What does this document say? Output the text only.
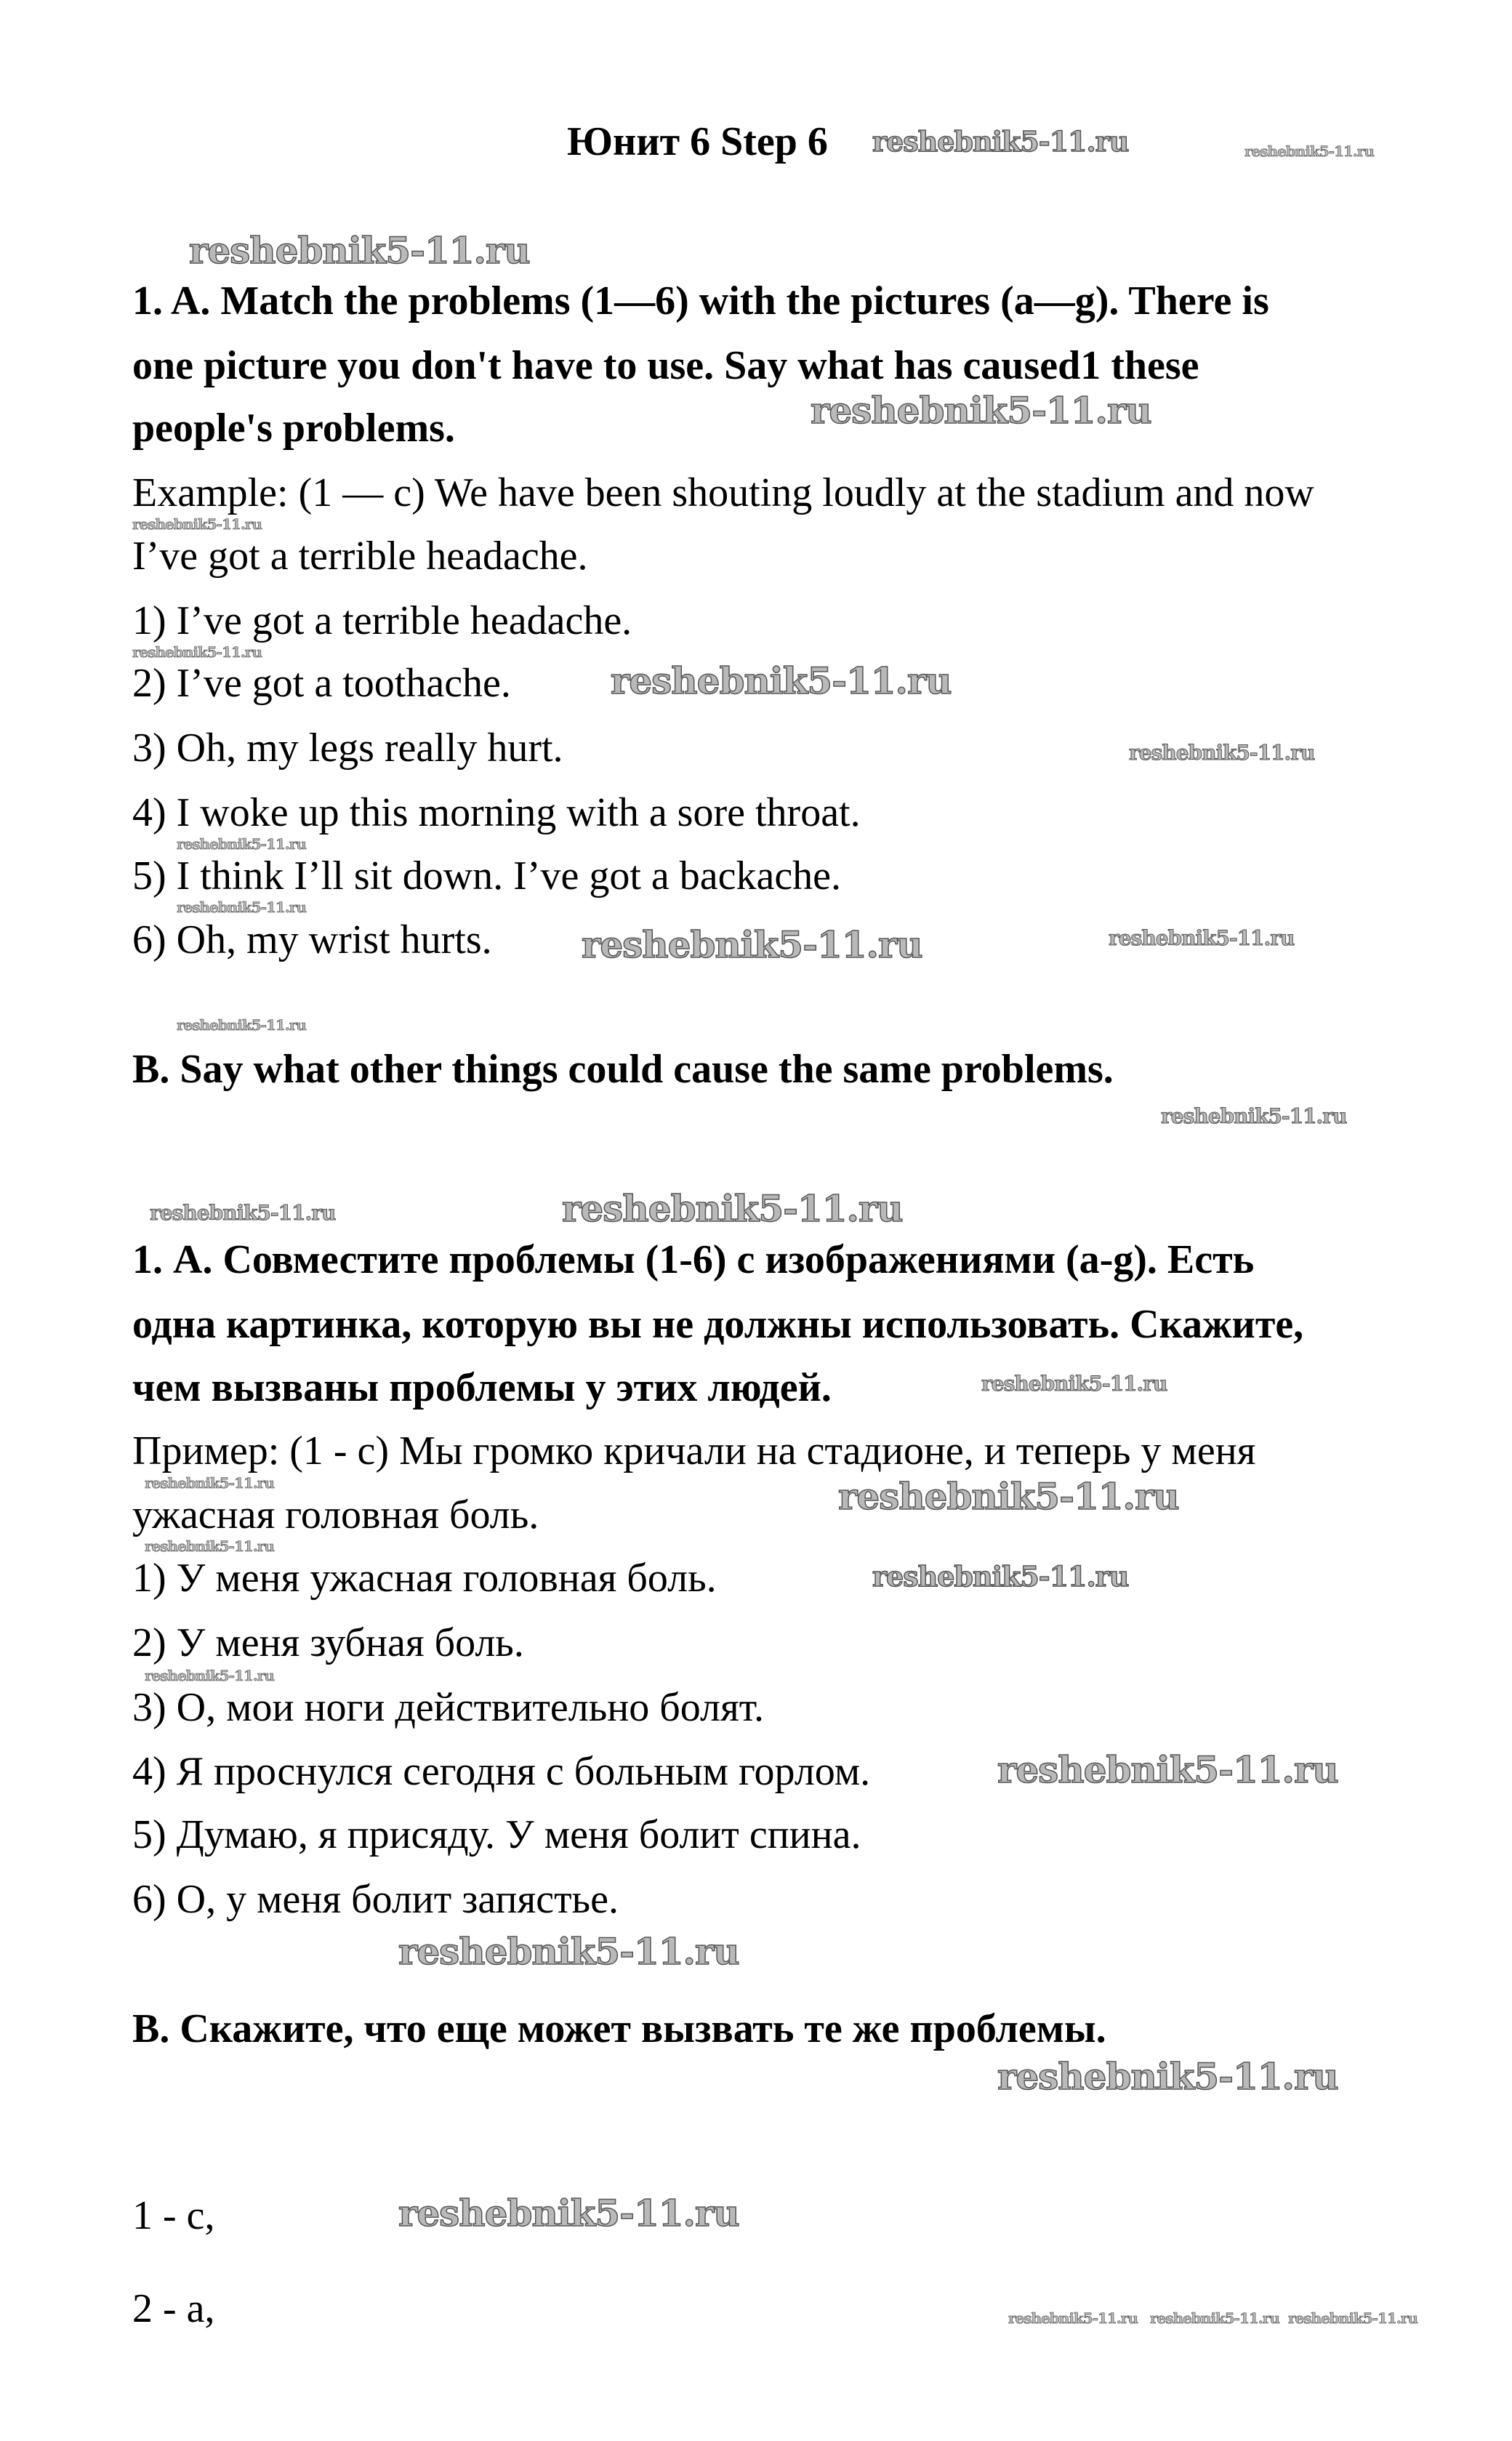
Юнит 6 Step 6
1. A. Match the problems (1—6) with the pictures (a—g). There is
one picture you don't have to use. Say what has caused1 these
people's problems.
Example: (1 — c) We have been shouting loudly at the stadium and now
I’ve got a terrible headache.
1) I’ve got a terrible headache.
2) I’ve got a toothache.
3) Oh, my legs really hurt.
4) I woke up this morning with a sore throat.
5) I think I’ll sit down. I’ve got a backache.
6) Oh, my wrist hurts.
B. Say what other things could cause the same problems.
1. А. Совместите проблемы (1-6) с изображениями (a-g). Есть
одна картинка, которую вы не должны использовать. Скажите,
чем вызваны проблемы у этих людей.
Пример: (1 - c) Мы громко кричали на стадионе, и теперь у меня
ужасная головная боль.
1) У меня ужасная головная боль.
2) У меня зубная боль.
3) О, мои ноги действительно болят.
4) Я проснулся сегодня с больным горлом.
5) Думаю, я присяду. У меня болит спина.
6) О, у меня болит запястье.
В. Скажите, что еще может вызвать те же проблемы.
1 - c,
2 - a,
reshebnik5-11.ru	reshebnik5-11.ru
reshebnik5-11.ru
reshebnik5-11.ru
reshebnik5-11.ru
reshebnik5-11.ru
reshebnik5-11.ru
reshebnik5-11.ru
reshebnik5-11.ru
reshebnik5-11.ru
reshebnik5-11.ru	reshebnik5-11.ru
reshebnik5-11.ru
reshebnik5-11.ru
reshebnik5-11.ru	reshebnik5-11.ru
reshebnik5-11.ru
reshebnik5-11.ru
reshebnik5-11.ru
reshebnik5-11.ru
reshebnik5-11.ru
reshebnik5-11.ru
reshebnik5-11.ru
reshebnik5-11.ru
reshebnik5-11.ru
reshebnik5-11.ru
reshebnik5-11.ru reshebnik5-11.ru reshebnik5-11.ru
